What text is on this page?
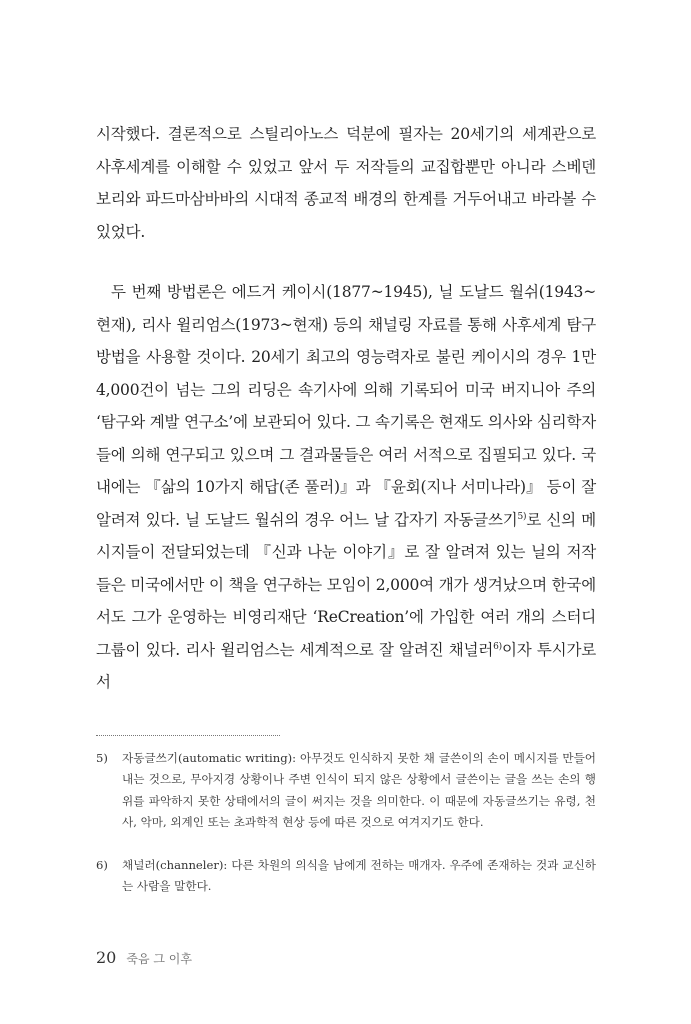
시작했다. 결론적으로 스틸리아노스 덕분에 필자는 20세기의 세계관으로 사후세계를 이해할 수 있었고 앞서 두 저작들의 교집합뿐만 아니라 스베덴보리와 파드마삼바바의 시대적 종교적 배경의 한계를 거두어내고 바라볼 수 있었다.

두 번째 방법론은 에드거 케이시(1877~1945), 닐 도날드 월쉬(1943~현재), 리사 윌리엄스(1973~현재) 등의 채널링 자료를 통해 사후세계 탐구방법을 사용할 것이다. 20세기 최고의 영능력자로 불린 케이시의 경우 1만 4,000건이 넘는 그의 리딩은 속기사에 의해 기록되어 미국 버지니아 주의 ‘탐구와 계발 연구소’에 보관되어 있다. 그 속기록은 현재도 의사와 심리학자들에 의해 연구되고 있으며 그 결과물들은 여러 서적으로 집필되고 있다. 국내에는 『삶의 10가지 해답(존 풀러)』과 『윤회(지나 서미나라)』 등이 잘 알려져 있다. 닐 도날드 월쉬의 경우 어느 날 갑자기 자동글쓰기$^{5)}$로 신의 메시지들이 전달되었는데 『신과 나눈 이야기』로 잘 알려져 있는 닐의 저작들은 미국에서만 이 책을 연구하는 모임이 2,000여 개가 생겨났으며 한국에서도 그가 운영하는 비영리재단 ‘ReCreation’에 가입한 여러 개의 스터디 그룹이 있다. 리사 윌리엄스는 세계적으로 잘 알려진 채널러$^{6)}$이자 투시가로서

5)	자동글쓰기(automatic writing): 아무것도 인식하지 못한 채 글쓴이의 손이 메시지를 만들어 내는 것으로, 무아지경 상황이나 주변 인식이 되지 않은 상황에서 글쓴이는 글을 쓰는 손의 행위를 파악하지 못한 상태에서의 글이 써지는 것을 의미한다. 이 때문에 자동글쓰기는 유령, 천사, 악마, 외계인 또는 초과학적 현상 등에 따른 것으로 여겨지기도 한다.
6)	채널러(channeler): 다른 차원의 의식을 남에게 전하는 매개자. 우주에 존재하는 것과 교신하는 사람을 말한다.
20 죽음 그 이후
